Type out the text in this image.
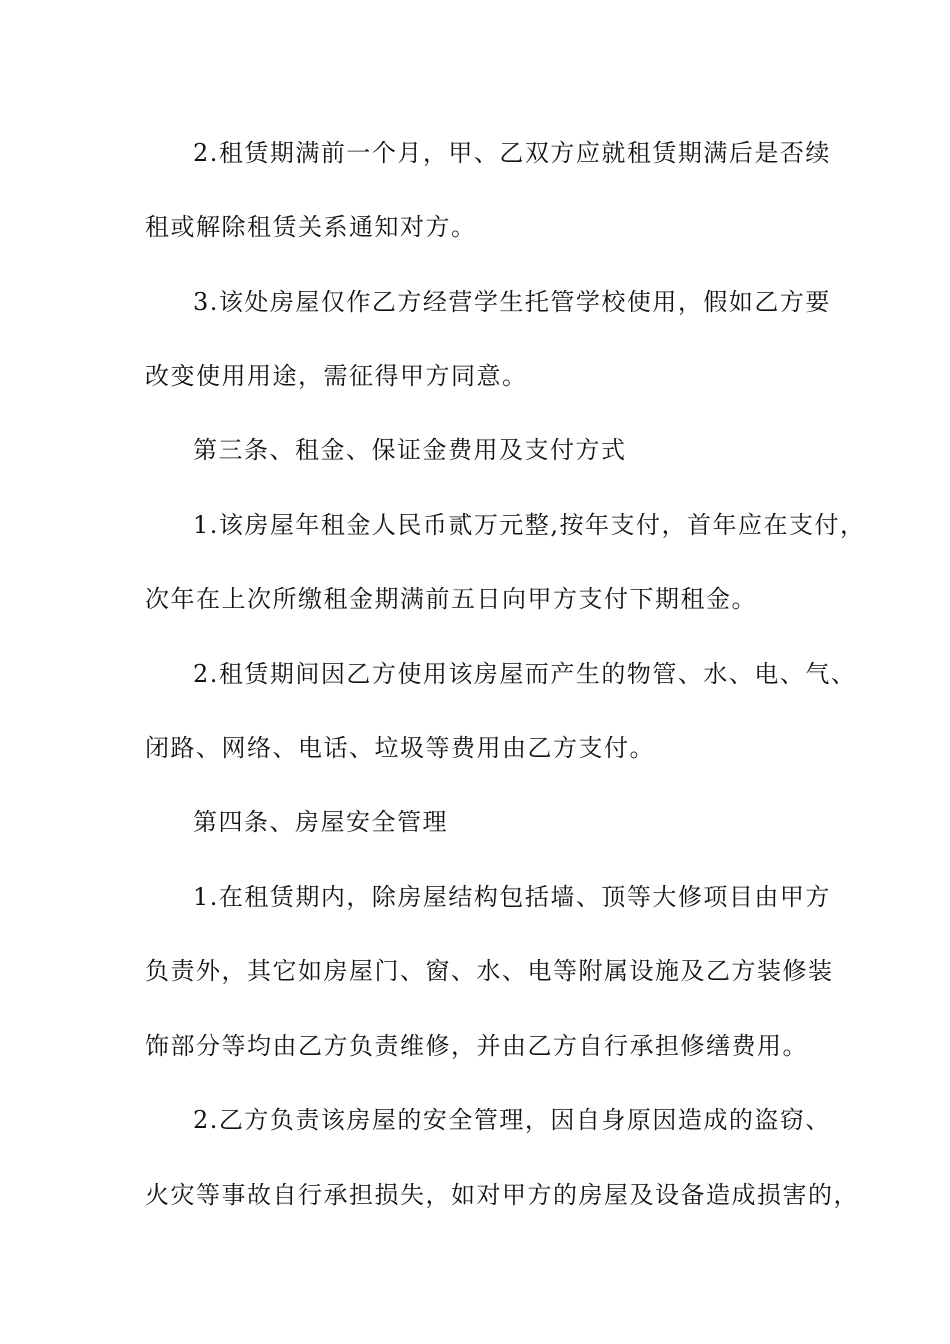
2.租赁期满前一个月，甲、乙双方应就租赁期满后是否续
租或解除租赁关系通知对方。
3.该处房屋仅作乙方经营学生托管学校使用，假如乙方要
改变使用用途，需征得甲方同意。
第三条、租金、保证金费用及支付方式
1.该房屋年租金人民币贰万元整,按年支付，首年应在支付，
次年在上次所缴租金期满前五日向甲方支付下期租金。
2.租赁期间因乙方使用该房屋而产生的物管、水、电、气、
闭路、网络、电话、垃圾等费用由乙方支付。
第四条、房屋安全管理
1.在租赁期内，除房屋结构包括墙、顶等大修项目由甲方
负责外，其它如房屋门、窗、水、电等附属设施及乙方装修装
饰部分等均由乙方负责维修，并由乙方自行承担修缮费用。
2.乙方负责该房屋的安全管理，因自身原因造成的盗窃、
火灾等事故自行承担损失，如对甲方的房屋及设备造成损害的，
